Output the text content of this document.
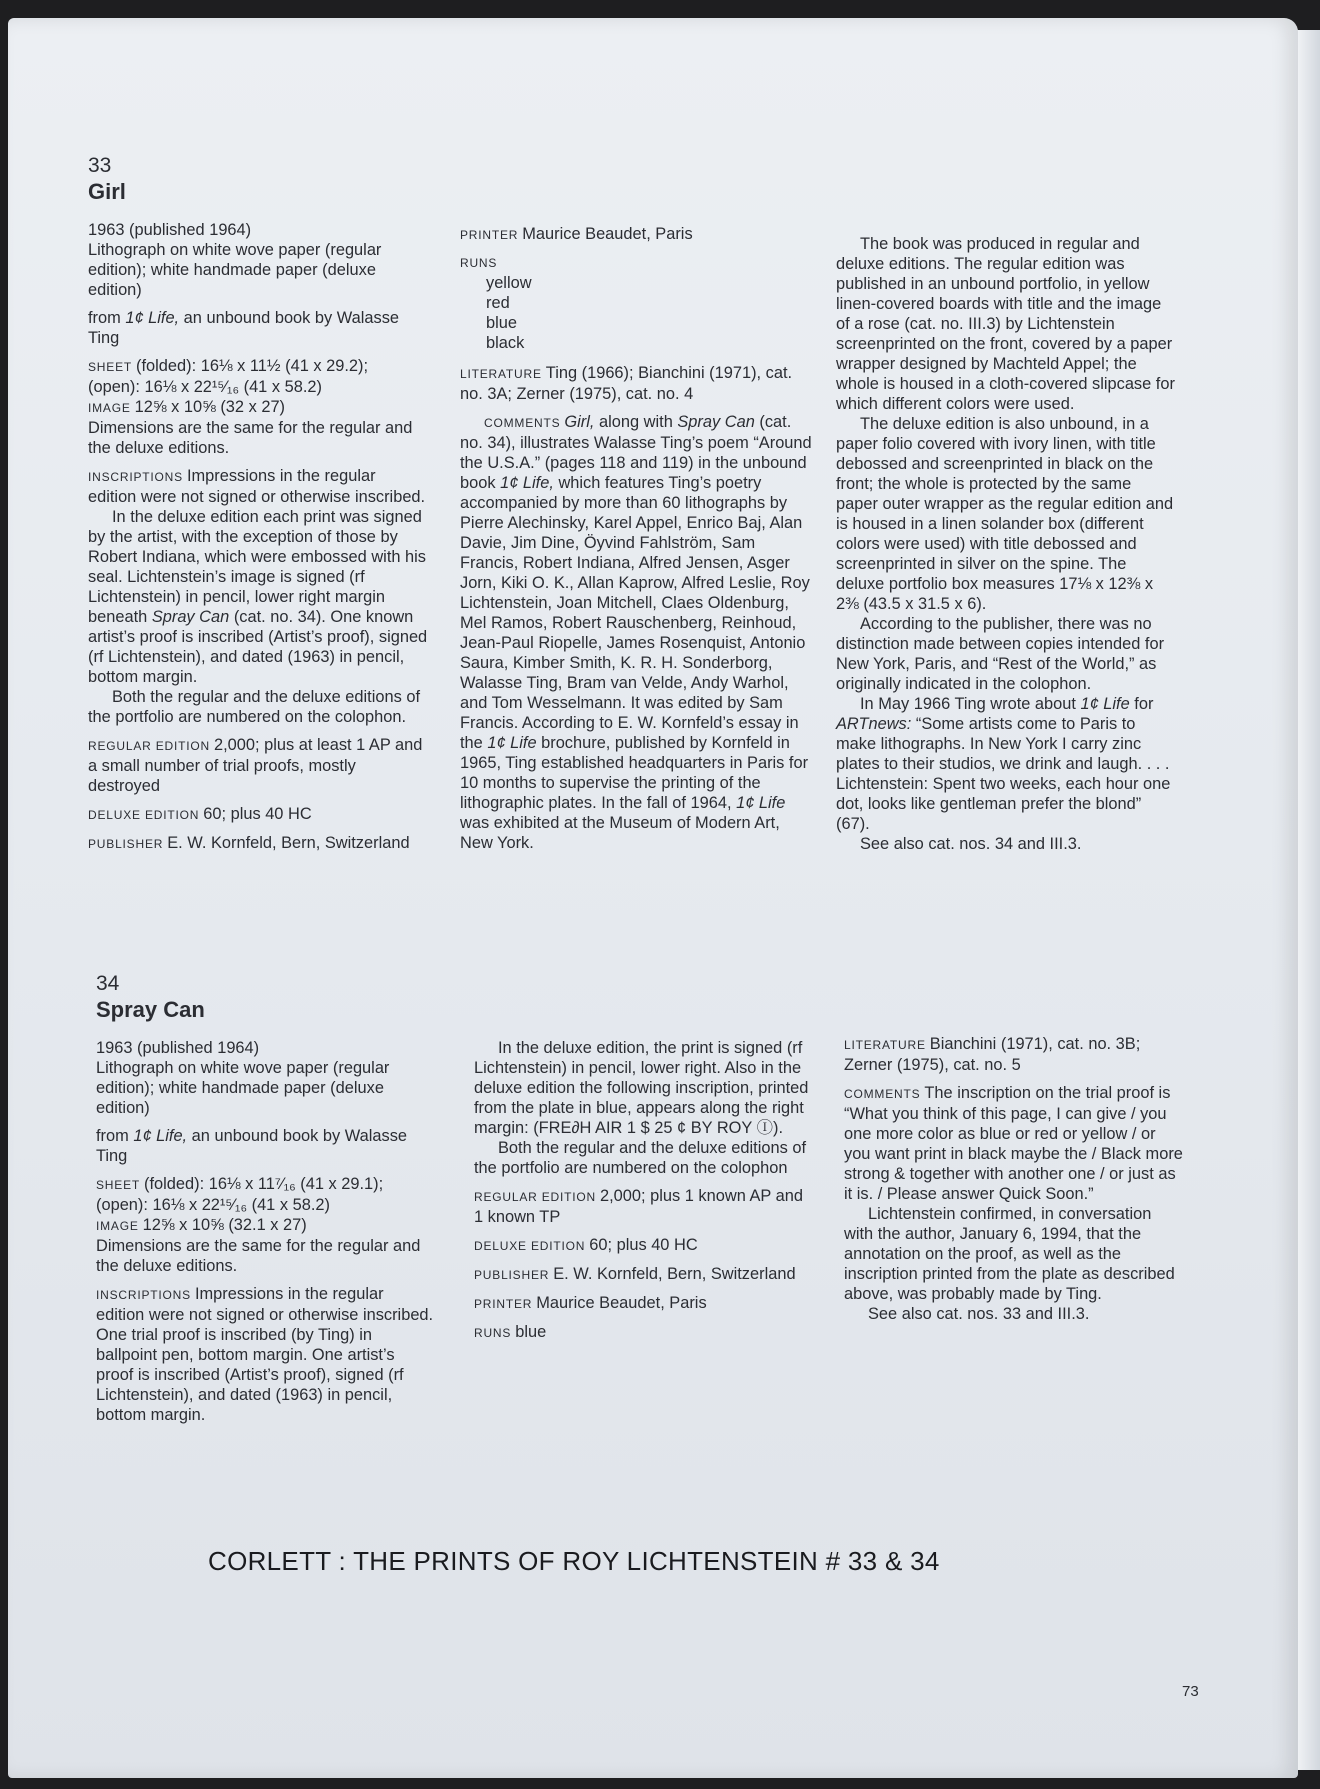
33
Girl

1963 (published 1964)

Lithograph on white wove paper (regular edition); white handmade paper (deluxe edition)

from 1¢ Life, an unbound book by Walasse Ting

SHEET (folded): 16⅛ x 11½ (41 x 29.2);
(open): 16⅛ x 22¹⁵⁄₁₆ (41 x 58.2)
IMAGE 12⅝ x 10⅝ (32 x 27)
Dimensions are the same for the regular and the deluxe editions.

INSCRIPTIONS Impressions in the regular edition were not signed or otherwise inscribed.

In the deluxe edition each print was signed by the artist, with the exception of those by Robert Indiana, which were embossed with his seal. Lichtenstein’s image is signed (rf Lichtenstein) in pencil, lower right margin beneath Spray Can (cat. no. 34). One known artist’s proof is inscribed (Artist’s proof), signed (rf Lichtenstein), and dated (1963) in pencil, bottom margin.

Both the regular and the deluxe editions of the portfolio are numbered on the colophon.

REGULAR EDITION 2,000; plus at least 1 AP and a small number of trial proofs, mostly destroyed

DELUXE EDITION 60; plus 40 HC

PUBLISHER E. W. Kornfeld, Bern, Switzerland

PRINTER Maurice Beaudet, Paris

RUNS
yellow
red
blue
black

LITERATURE Ting (1966); Bianchini (1971), cat. no. 3A; Zerner (1975), cat. no. 4

COMMENTS Girl, along with Spray Can (cat. no. 34), illustrates Walasse Ting’s poem “Around the U.S.A.” (pages 118 and 119) in the unbound book 1¢ Life, which features Ting’s poetry accompanied by more than 60 lithographs by Pierre Alechinsky, Karel Appel, Enrico Baj, Alan Davie, Jim Dine, Öyvind Fahlström, Sam Francis, Robert Indiana, Alfred Jensen, Asger Jorn, Kiki O. K., Allan Kaprow, Alfred Leslie, Roy Lichtenstein, Joan Mitchell, Claes Oldenburg, Mel Ramos, Robert Rauschenberg, Reinhoud, Jean-Paul Riopelle, James Rosenquist, Antonio Saura, Kimber Smith, K. R. H. Sonderborg, Walasse Ting, Bram van Velde, Andy Warhol, and Tom Wesselmann. It was edited by Sam Francis. According to E. W. Kornfeld’s essay in the 1¢ Life brochure, published by Kornfeld in 1965, Ting established headquarters in Paris for 10 months to supervise the printing of the lithographic plates. In the fall of 1964, 1¢ Life was exhibited at the Museum of Modern Art, New York.

The book was produced in regular and deluxe editions. The regular edition was published in an unbound portfolio, in yellow linen-covered boards with title and the image of a rose (cat. no. III.3) by Lichtenstein screenprinted on the front, covered by a paper wrapper designed by Machteld Appel; the whole is housed in a cloth-covered slipcase for which different colors were used.

The deluxe edition is also unbound, in a paper folio covered with ivory linen, with title debossed and screenprinted in black on the front; the whole is protected by the same paper outer wrapper as the regular edition and is housed in a linen solander box (different colors were used) with title debossed and screenprinted in silver on the spine. The deluxe portfolio box measures 17⅛ x 12⅜ x 2⅜ (43.5 x 31.5 x 6).

According to the publisher, there was no distinction made between copies intended for New York, Paris, and “Rest of the World,” as originally indicated in the colophon.

In May 1966 Ting wrote about 1¢ Life for ARTnews: “Some artists come to Paris to make lithographs. In New York I carry zinc plates to their studios, we drink and laugh. . . . Lichtenstein: Spent two weeks, each hour one dot, looks like gentleman prefer the blond” (67).

See also cat. nos. 34 and III.3.

34
Spray Can

1963 (published 1964)

Lithograph on white wove paper (regular edition); white handmade paper (deluxe edition)

from 1¢ Life, an unbound book by Walasse Ting

SHEET (folded): 16⅛ x 11⁷⁄₁₆ (41 x 29.1);
(open): 16⅛ x 22¹⁵⁄₁₆ (41 x 58.2)
IMAGE 12⅝ x 10⅝ (32.1 x 27)
Dimensions are the same for the regular and the deluxe editions.

INSCRIPTIONS Impressions in the regular edition were not signed or otherwise inscribed. One trial proof is inscribed (by Ting) in ballpoint pen, bottom margin. One artist’s proof is inscribed (Artist’s proof), signed (rf Lichtenstein), and dated (1963) in pencil, bottom margin.

In the deluxe edition, the print is signed (rf Lichtenstein) in pencil, lower right. Also in the deluxe edition the following inscription, printed from the plate in blue, appears along the right margin: (FRE∂H AIR 1 $ 25 ¢ BY ROY Ⓘ).

Both the regular and the deluxe editions of the portfolio are numbered on the colophon

REGULAR EDITION 2,000; plus 1 known AP and 1 known TP

DELUXE EDITION 60; plus 40 HC

PUBLISHER E. W. Kornfeld, Bern, Switzerland

PRINTER Maurice Beaudet, Paris

RUNS blue

LITERATURE Bianchini (1971), cat. no. 3B; Zerner (1975), cat. no. 5

COMMENTS The inscription on the trial proof is “What you think of this page, I can give / you one more color as blue or red or yellow / or you want print in black maybe the / Black more strong & together with another one / or just as it is. / Please answer Quick Soon.”

Lichtenstein confirmed, in conversation with the author, January 6, 1994, that the annotation on the proof, as well as the inscription printed from the plate as described above, was probably made by Ting.

See also cat. nos. 33 and III.3.

CORLETT : THE PRINTS OF ROY LICHTENSTEIN # 33 & 34
73
